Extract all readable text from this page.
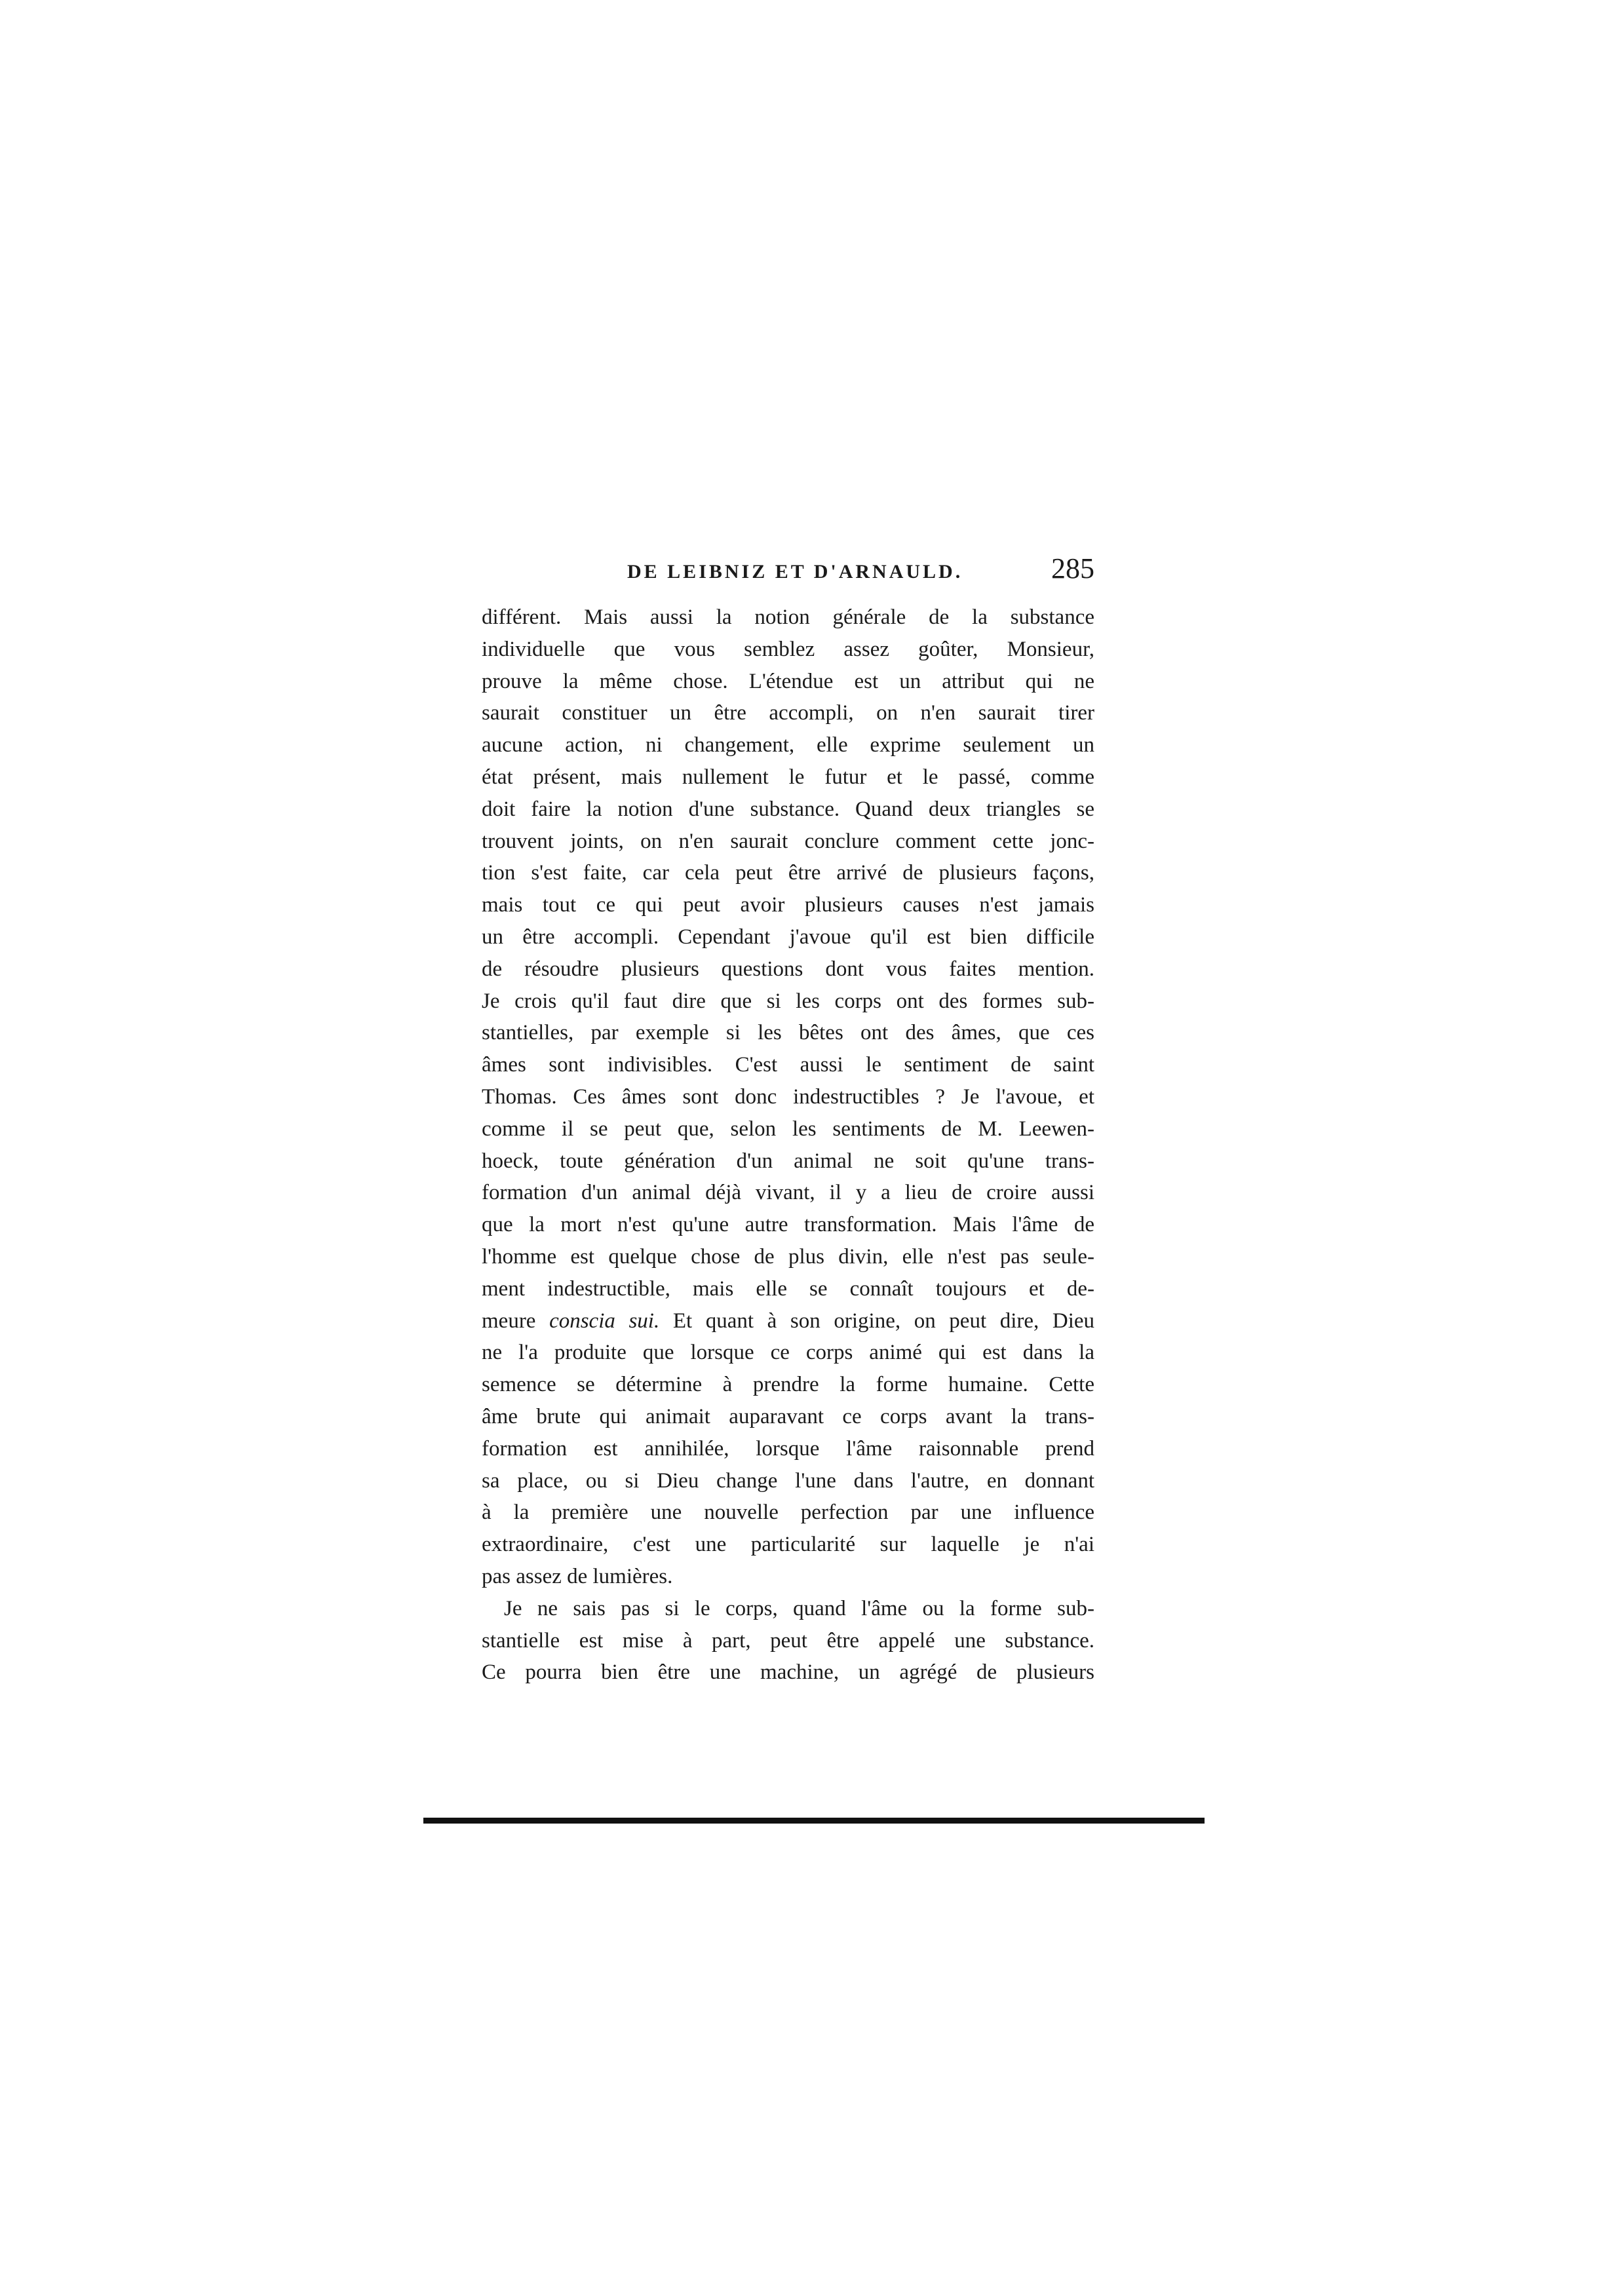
DE LEIBNIZ ET D'ARNAULD.	285
différent. Mais aussi la notion générale de la substance
individuelle que vous semblez assez goûter, Monsieur,
prouve la même chose. L'étendue est un attribut qui ne
saurait constituer un être accompli, on n'en saurait tirer
aucune action, ni changement, elle exprime seulement un
état présent, mais nullement le futur et le passé, comme
doit faire la notion d'une substance. Quand deux triangles se
trouvent joints, on n'en saurait conclure comment cette jonc-
tion s'est faite, car cela peut être arrivé de plusieurs façons,
mais tout ce qui peut avoir plusieurs causes n'est jamais
un être accompli. Cependant j'avoue qu'il est bien difficile
de résoudre plusieurs questions dont vous faites mention.
Je crois qu'il faut dire que si les corps ont des formes sub-
stantielles, par exemple si les bêtes ont des âmes, que ces
âmes sont indivisibles. C'est aussi le sentiment de saint
Thomas. Ces âmes sont donc indestructibles ? Je l'avoue, et
comme il se peut que, selon les sentiments de M. Leewen-
hoeck, toute génération d'un animal ne soit qu'une trans-
formation d'un animal déjà vivant, il y a lieu de croire aussi
que la mort n'est qu'une autre transformation. Mais l'âme de
l'homme est quelque chose de plus divin, elle n'est pas seule-
ment indestructible, mais elle se connaît toujours et de-
meure conscia sui. Et quant à son origine, on peut dire, Dieu
ne l'a produite que lorsque ce corps animé qui est dans la
semence se détermine à prendre la forme humaine. Cette
âme brute qui animait auparavant ce corps avant la trans-
formation est annihilée, lorsque l'âme raisonnable prend
sa place, ou si Dieu change l'une dans l'autre, en donnant
à la première une nouvelle perfection par une influence
extraordinaire, c'est une particularité sur laquelle je n'ai
pas assez de lumières.
Je ne sais pas si le corps, quand l'âme ou la forme sub-
stantielle est mise à part, peut être appelé une substance.
Ce pourra bien être une machine, un agrégé de plusieurs
